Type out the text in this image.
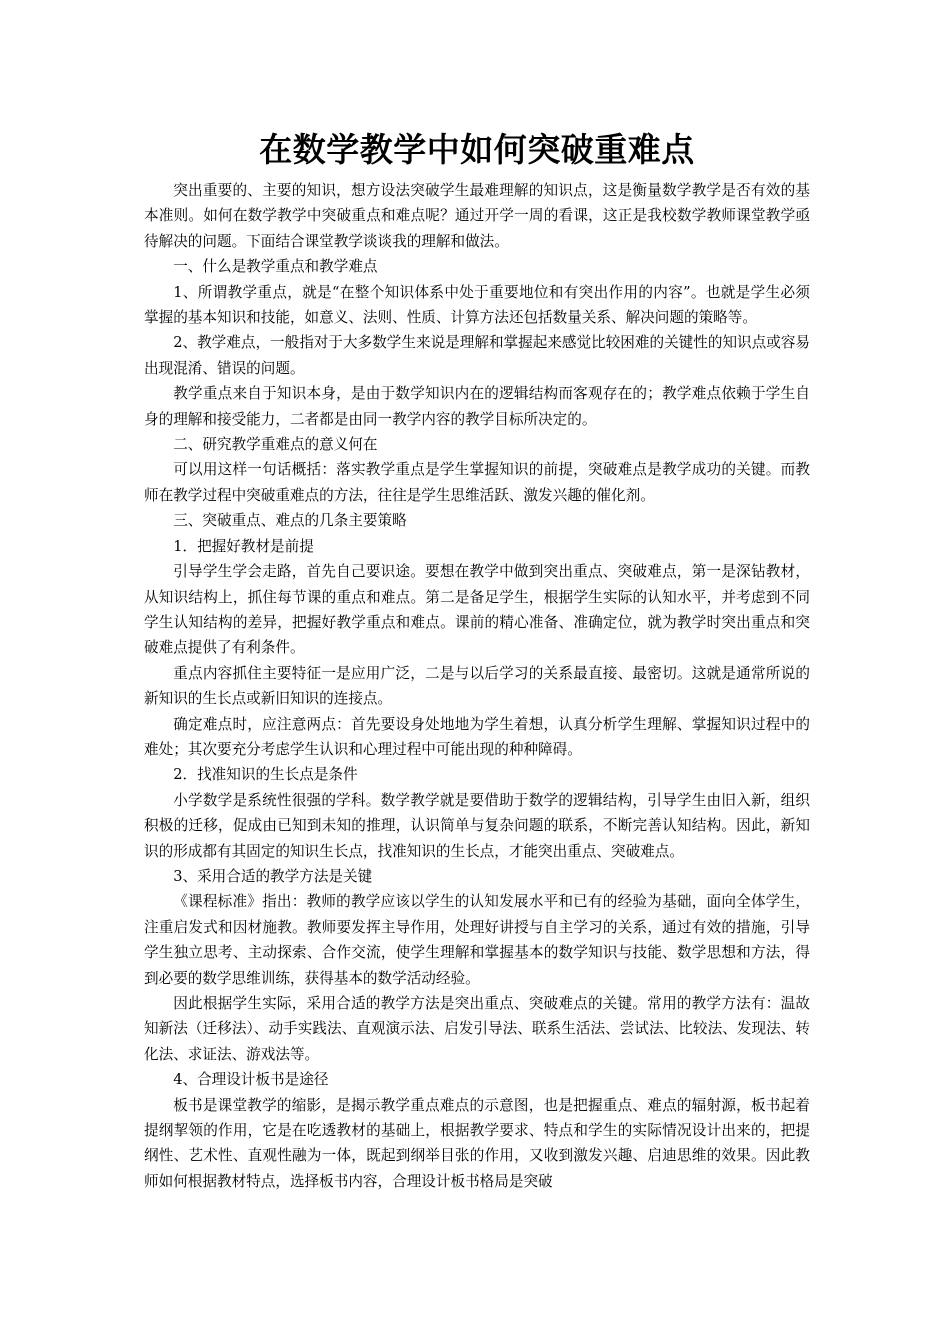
在数学教学中如何突破重难点

突出重要的、主要的知识，想方设法突破学生最难理解的知识点，这是衡量数学教学是否有效的基本准则。如何在数学教学中突破重点和难点呢？通过开学一周的看课，这正是我校数学教师课堂教学亟待解决的问题。下面结合课堂教学谈谈我的理解和做法。

一、什么是教学重点和教学难点

1、所谓教学重点，就是“在整个知识体系中处于重要地位和有突出作用的内容”。也就是学生必须掌握的基本知识和技能，如意义、法则、性质、计算方法还包括数量关系、解决问题的策略等。

2、教学难点，一般指对于大多数学生来说是理解和掌握起来感觉比较困难的关键性的知识点或容易出现混淆、错误的问题。

教学重点来自于知识本身，是由于数学知识内在的逻辑结构而客观存在的；教学难点依赖于学生自身的理解和接受能力，二者都是由同一教学内容的教学目标所决定的。

二、研究教学重难点的意义何在

可以用这样一句话概括：落实教学重点是学生掌握知识的前提，突破难点是教学成功的关键。而教师在教学过程中突破重难点的方法，往往是学生思维活跃、激发兴趣的催化剂。

三、突破重点、难点的几条主要策略

1．把握好教材是前提

引导学生学会走路，首先自己要识途。要想在教学中做到突出重点、突破难点，第一是深钻教材，从知识结构上，抓住每节课的重点和难点。第二是备足学生，根据学生实际的认知水平，并考虑到不同学生认知结构的差异，把握好教学重点和难点。课前的精心准备、准确定位，就为教学时突出重点和突破难点提供了有利条件。

重点内容抓住主要特征一是应用广泛，二是与以后学习的关系最直接、最密切。这就是通常所说的新知识的生长点或新旧知识的连接点。

确定难点时，应注意两点：首先要设身处地地为学生着想，认真分析学生理解、掌握知识过程中的难处；其次要充分考虑学生认识和心理过程中可能出现的种种障碍。

2．找准知识的生长点是条件

小学数学是系统性很强的学科。数学教学就是要借助于数学的逻辑结构，引导学生由旧入新，组织积极的迁移，促成由已知到未知的推理，认识简单与复杂问题的联系，不断完善认知结构。因此，新知识的形成都有其固定的知识生长点，找准知识的生长点，才能突出重点、突破难点。

3、采用合适的教学方法是关键

《课程标准》指出：教师的教学应该以学生的认知发展水平和已有的经验为基础，面向全体学生，注重启发式和因材施教。教师要发挥主导作用，处理好讲授与自主学习的关系，通过有效的措施，引导学生独立思考、主动探索、合作交流，使学生理解和掌握基本的数学知识与技能、数学思想和方法，得到必要的数学思维训练，获得基本的数学活动经验。

因此根据学生实际，采用合适的教学方法是突出重点、突破难点的关键。常用的教学方法有：温故知新法（迁移法）、动手实践法、直观演示法、启发引导法、联系生活法、尝试法、比较法、发现法、转化法、求证法、游戏法等。

4、合理设计板书是途径

板书是课堂教学的缩影，是揭示教学重点难点的示意图，也是把握重点、难点的辐射源，板书起着提纲挈领的作用，它是在吃透教材的基础上，根据教学要求、特点和学生的实际情况设计出来的，把提纲性、艺术性、直观性融为一体，既起到纲举目张的作用，又收到激发兴趣、启迪思维的效果。因此教师如何根据教材特点，选择板书内容，合理设计板书格局是突破
